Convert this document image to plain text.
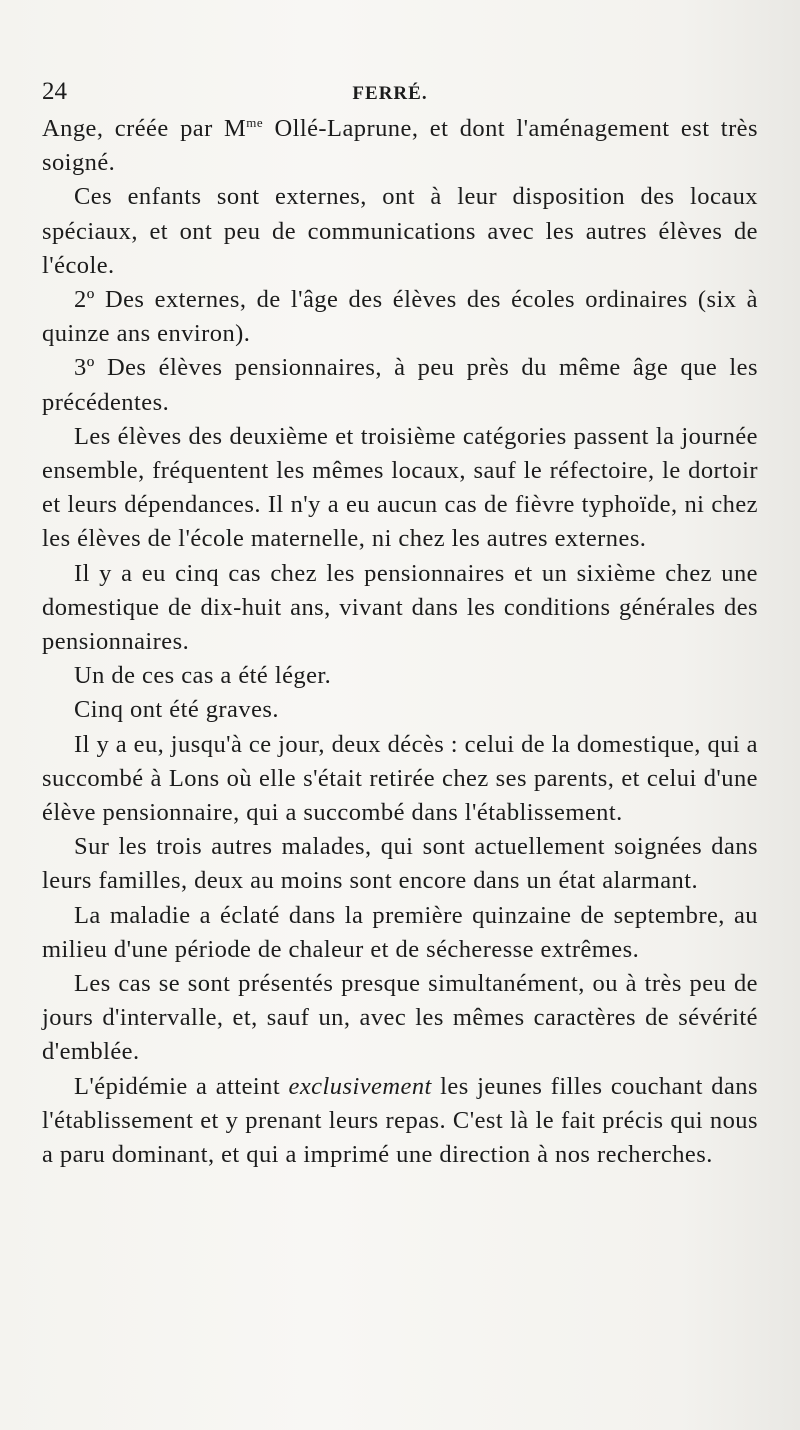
24	FERRÉ.

Ange, créée par $M^{me}$ Ollé-Laprune, et dont l'aménagement est très soigné.

Ces enfants sont externes, ont à leur disposition des locaux spéciaux, et ont peu de communications avec les autres élèves de l'école.

2º Des externes, de l'âge des élèves des écoles ordinaires (six à quinze ans environ).

3º Des élèves pensionnaires, à peu près du même âge que les précédentes.

Les élèves des deuxième et troisième catégories passent la journée ensemble, fréquentent les mêmes locaux, sauf le réfectoire, le dortoir et leurs dépendances. Il n'y a eu aucun cas de fièvre typhoïde, ni chez les élèves de l'école maternelle, ni chez les autres externes.

Il y a eu cinq cas chez les pensionnaires et un sixième chez une domestique de dix-huit ans, vivant dans les conditions générales des pensionnaires.

Un de ces cas a été léger.

Cinq ont été graves.

Il y a eu, jusqu'à ce jour, deux décès : celui de la domestique, qui a succombé à Lons où elle s'était retirée chez ses parents, et celui d'une élève pensionnaire, qui a succombé dans l'établissement.

Sur les trois autres malades, qui sont actuellement soignées dans leurs familles, deux au moins sont encore dans un état alarmant.

La maladie a éclaté dans la première quinzaine de septembre, au milieu d'une période de chaleur et de sécheresse extrêmes.

Les cas se sont présentés presque simultanément, ou à très peu de jours d'intervalle, et, sauf un, avec les mêmes caractères de sévérité d'emblée.

L'épidémie a atteint exclusivement les jeunes filles couchant dans l'établissement et y prenant leurs repas. C'est là le fait précis qui nous a paru dominant, et qui a imprimé une direction à nos recherches.
